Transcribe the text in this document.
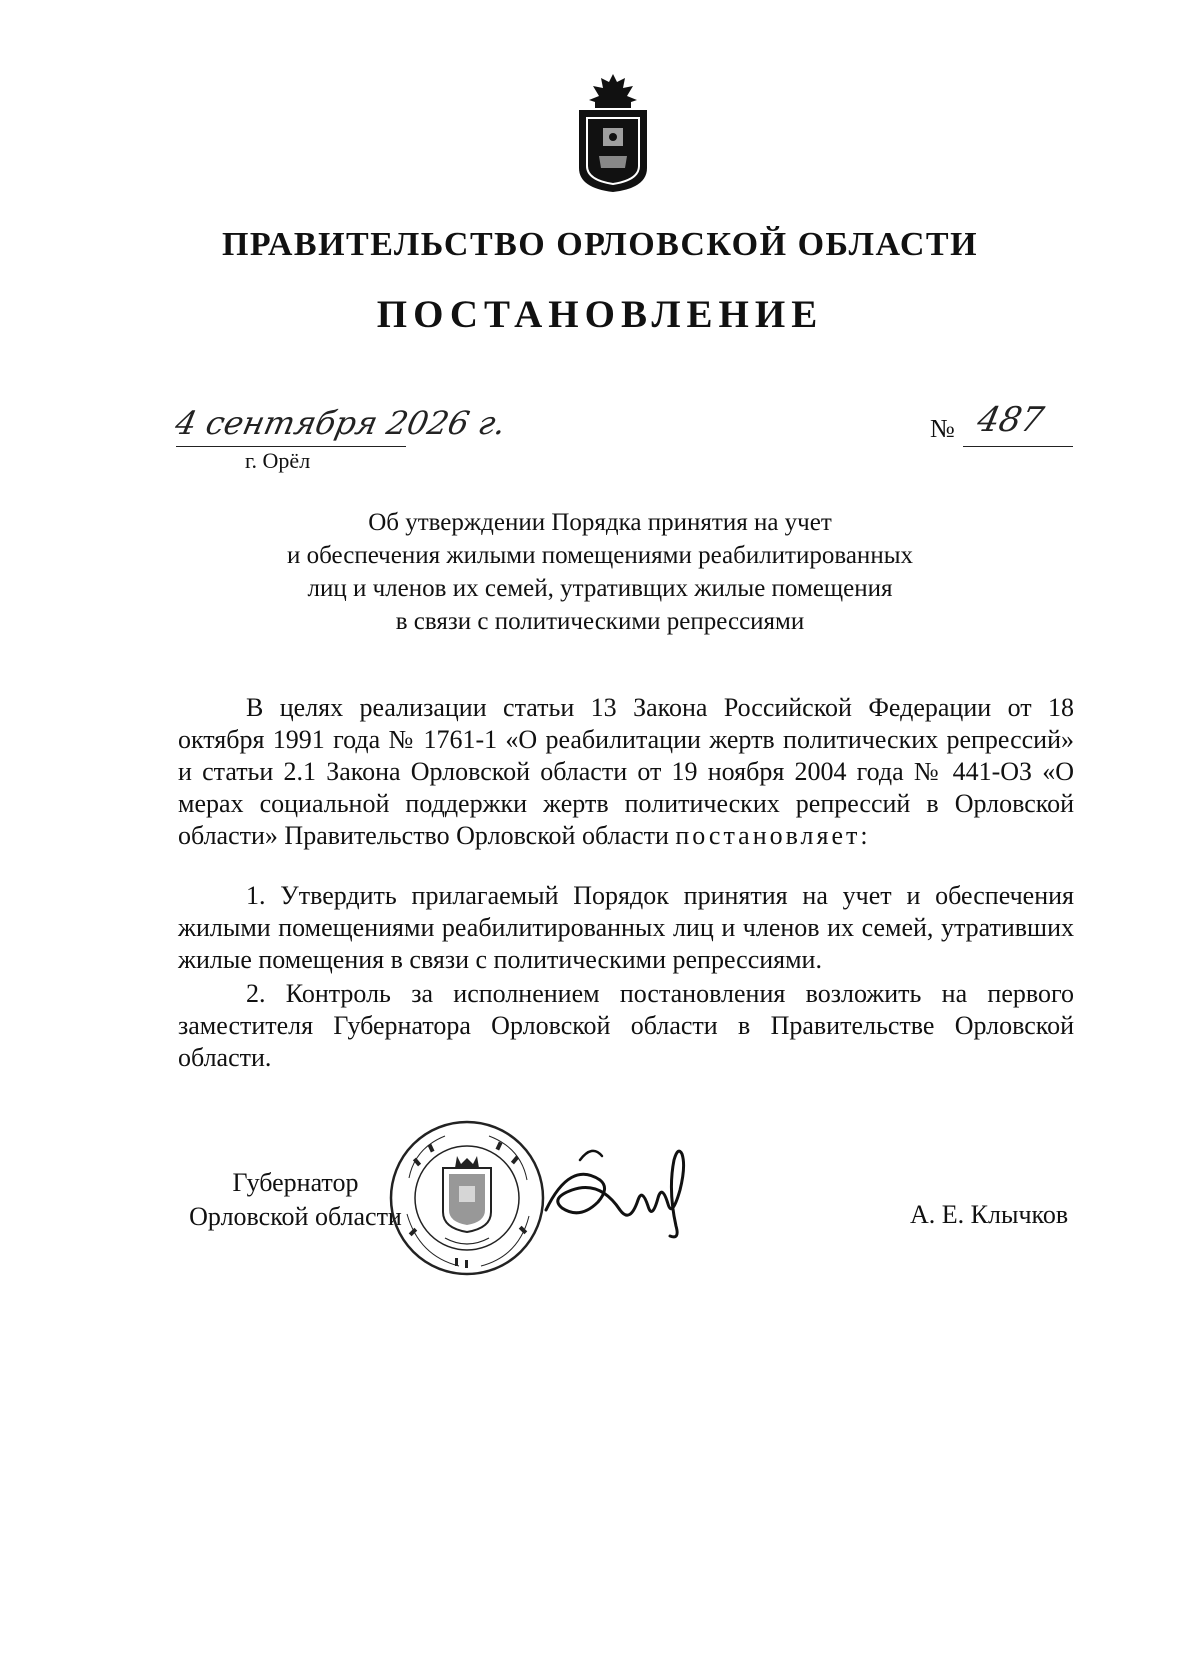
ПРАВИТЕЛЬСТВО ОРЛОВСКОЙ ОБЛАСТИ
ПОСТАНОВЛЕНИЕ
4 сентября 2026 г.
г. Орёл
№ 487
Об утверждении Порядка принятия на учет
и обеспечения жилыми помещениями реабилитированных
лиц и членов их семей, утративщих жилые помещения
в связи с политическими репрессиями

В целях реализации статьи 13 Закона Российской Федерации от 18 октября 1991 года № 1761-1 «О реабилитации жертв политических репрессий» и статьи 2.1 Закона Орловской области от 19 ноября 2004 года № 441-ОЗ «О мерах социальной поддержки жертв политических репрессий в Орловской области» Правительство Орловской области постановляет:

1. Утвердить прилагаемый Порядок принятия на учет и обеспечения жилыми помещениями реабилитированных лиц и членов их семей, утративших жилые помещения в связи с политическими репрессиями.

2. Контроль за исполнением постановления возложить на первого заместителя Губернатора Орловской области в Правительстве Орловской области.

Губернатор
Орловской области	А. Е. Клычков
